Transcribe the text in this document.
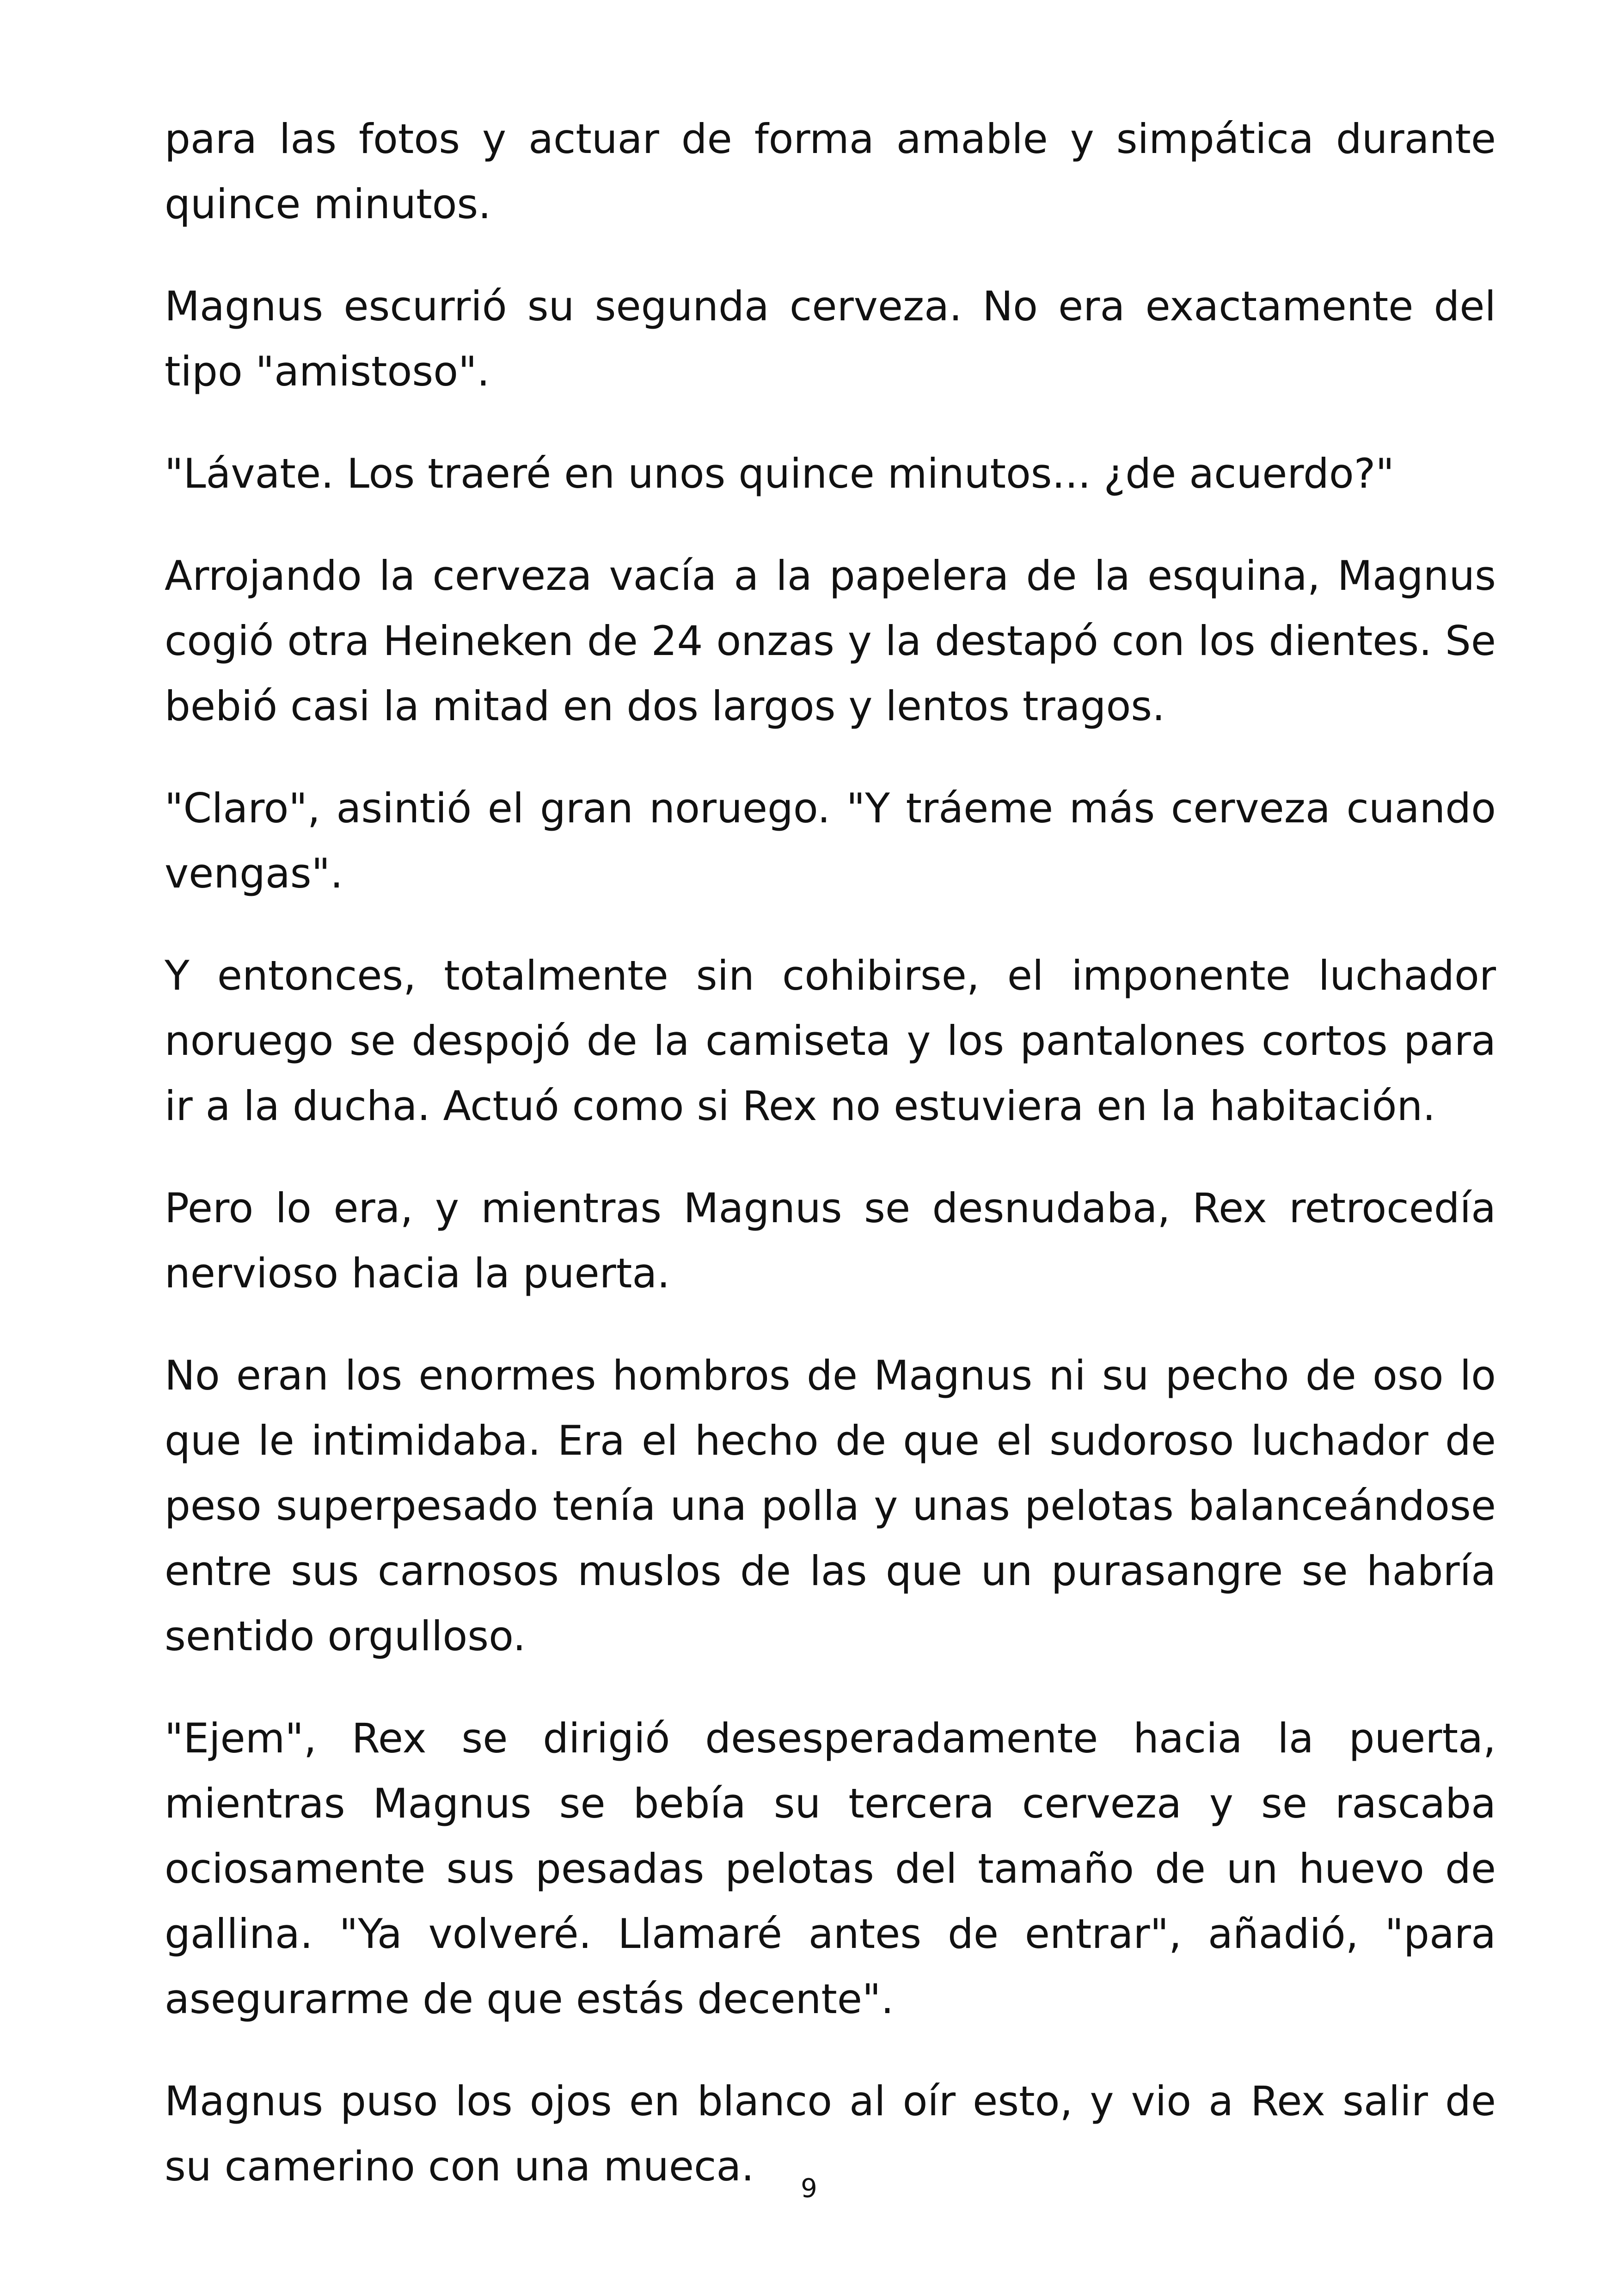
para las fotos y actuar de forma amable y simpática durante quince minutos.

Magnus escurrió su segunda cerveza. No era exactamente del tipo "amistoso".

"Lávate. Los traeré en unos quince minutos... ¿de acuerdo?"

Arrojando la cerveza vacía a la papelera de la esquina, Magnus cogió otra Heineken de 24 onzas y la destapó con los dientes. Se bebió casi la mitad en dos largos y lentos tragos.

"Claro", asintió el gran noruego. "Y tráeme más cerveza cuando vengas".

Y entonces, totalmente sin cohibirse, el imponente luchador noruego se despojó de la camiseta y los pantalones cortos para ir a la ducha. Actuó como si Rex no estuviera en la habitación.

Pero lo era, y mientras Magnus se desnudaba, Rex retrocedía nervioso hacia la puerta.

No eran los enormes hombros de Magnus ni su pecho de oso lo que le intimidaba. Era el hecho de que el sudoroso luchador de peso superpesado tenía una polla y unas pelotas balanceándose entre sus carnosos muslos de las que un purasangre se habría sentido orgulloso.

"Ejem", Rex se dirigió desesperadamente hacia la puerta, mientras Magnus se bebía su tercera cerveza y se rascaba ociosamente sus pesadas pelotas del tamaño de un huevo de gallina. "Ya volveré. Llamaré antes de entrar", añadió, "para asegurarme de que estás decente".

Magnus puso los ojos en blanco al oír esto, y vio a Rex salir de su camerino con una mueca.	9
